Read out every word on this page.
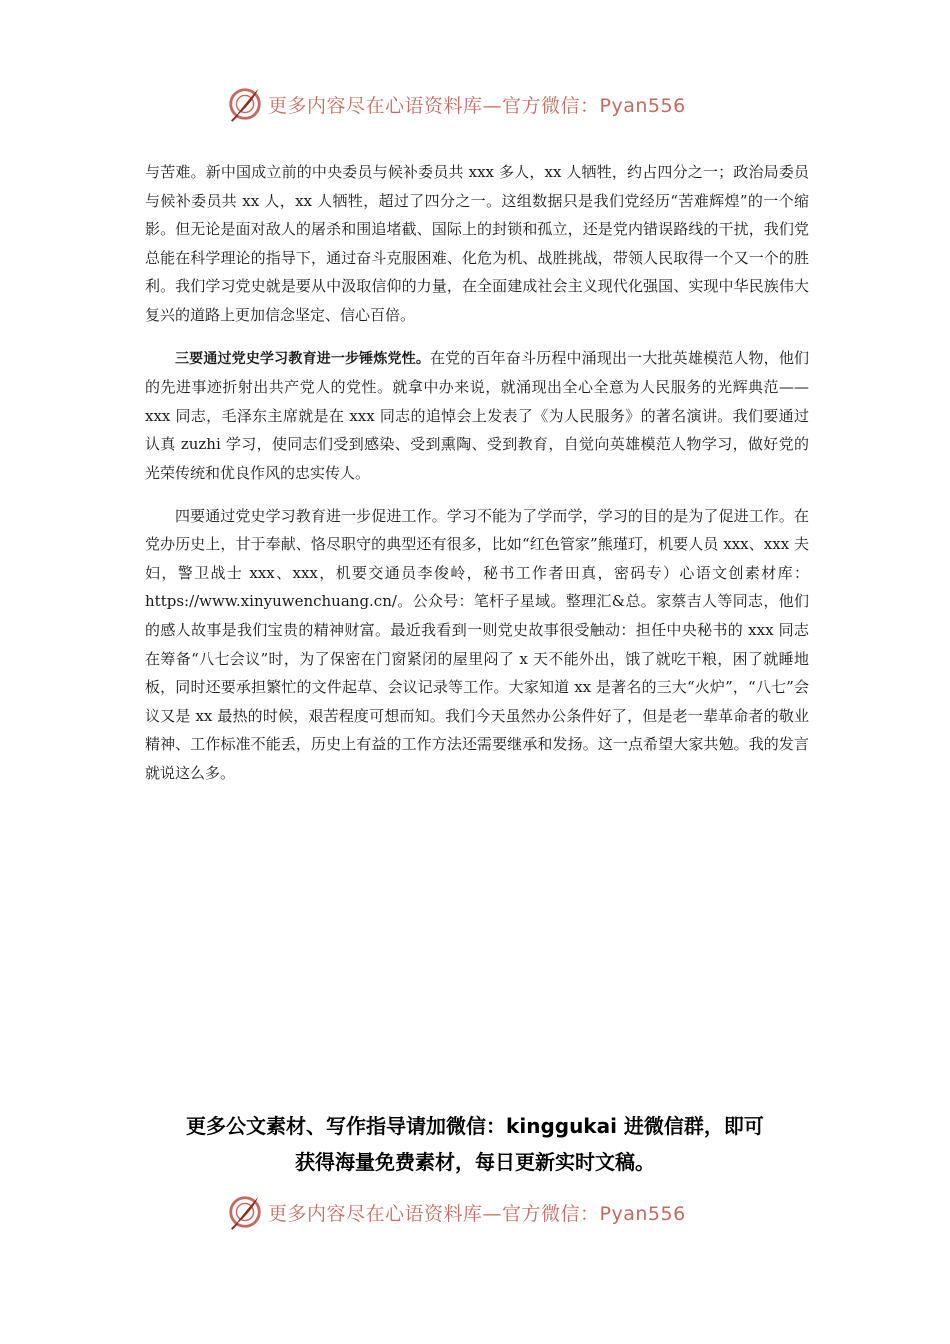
更多内容尽在心语资料库—官方微信：Pyan556

与苦难。新中国成立前的中央委员与候补委员共 xxx 多人，xx 人牺牲，约占四分之一；政治局委员与候补委员共 xx 人，xx 人牺牲，超过了四分之一。这组数据只是我们党经历“苦难辉煌”的一个缩影。但无论是面对敌人的屠杀和围追堵截、国际上的封锁和孤立，还是党内错误路线的干扰，我们党总能在科学理论的指导下，通过奋斗克服困难、化危为机、战胜挑战，带领人民取得一个又一个的胜利。我们学习党史就是要从中汲取信仰的力量，在全面建成社会主义现代化强国、实现中华民族伟大复兴的道路上更加信念坚定、信心百倍。

三要通过党史学习教育进一步锤炼党性。在党的百年奋斗历程中涌现出一大批英雄模范人物，他们的先进事迹折射出共产党人的党性。就拿中办来说，就涌现出全心全意为人民服务的光辉典范——xxx 同志，毛泽东主席就是在 xxx 同志的追悼会上发表了《为人民服务》的著名演讲。我们要通过认真 zuzhi 学习，使同志们受到感染、受到熏陶、受到教育，自觉向英雄模范人物学习，做好党的光荣传统和优良作风的忠实传人。

四要通过党史学习教育进一步促进工作。学习不能为了学而学，学习的目的是为了促进工作。在党办历史上，甘于奉献、恪尽职守的典型还有很多，比如“红色管家”熊瑾玎，机要人员 xxx、xxx 夫妇，警卫战士 xxx、xxx，机要交通员李俊岭，秘书工作者田真，密码专）心语文创素材库：https://www.xinyuwenchuang.cn/。公众号：笔杆子星域。整理汇&总。家蔡吉人等同志，他们的感人故事是我们宝贵的精神财富。最近我看到一则党史故事很受触动：担任中央秘书的 xxx 同志在筹备“八七会议”时，为了保密在门窗紧闭的屋里闷了 x 天不能外出，饿了就吃干粮，困了就睡地板，同时还要承担繁忙的文件起草、会议记录等工作。大家知道 xx 是著名的三大“火炉”，“八七”会议又是 xx 最热的时候，艰苦程度可想而知。我们今天虽然办公条件好了，但是老一辈革命者的敬业精神、工作标准不能丢，历史上有益的工作方法还需要继承和发扬。这一点希望大家共勉。我的发言就说这么多。

更多公文素材、写作指导请加微信：kinggukai 进微信群，即可
获得海量免费素材，每日更新实时文稿。
更多内容尽在心语资料库—官方微信：Pyan556
